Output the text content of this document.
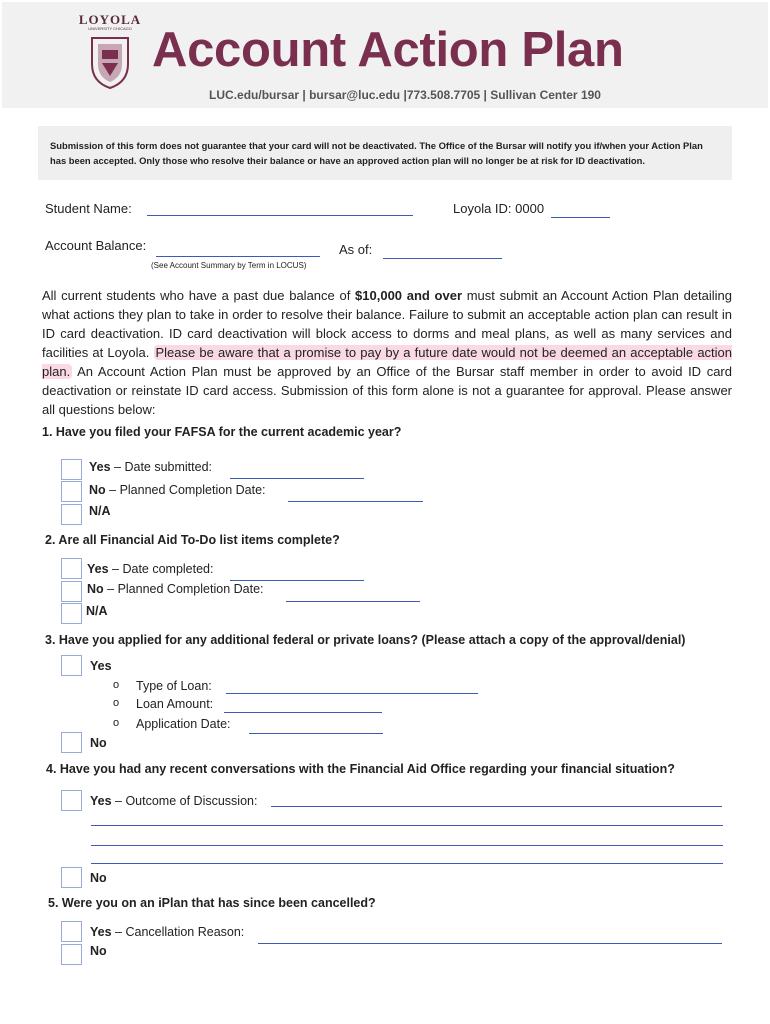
LOYOLA
UNIVERSITY CHICAGO Account Action Plan
LUC.edu/bursar | bursar@luc.edu |773.508.7705 | Sullivan Center 190
Submission of this form does not guarantee that your card will not be deactivated. The Office of the Bursar will notify you if/when your Action Plan has been accepted. Only those who resolve their balance or have an approved action plan will no longer be at risk for ID deactivation.
Student Name:	Loyola ID: 0000
Account Balance:
(See Account Summary by Term in LOCUS)
As of:
All current students who have a past due balance of $10,000 and over must submit an Account Action Plan detailing what actions they plan to take in order to resolve their balance. Failure to submit an acceptable action plan can result in ID card deactivation. ID card deactivation will block access to dorms and meal plans, as well as many services and facilities at Loyola. Please be aware that a promise to pay by a future date would not be deemed an acceptable action plan. An Account Action Plan must be approved by an Office of the Bursar staff member in order to avoid ID card deactivation or reinstate ID card access. Submission of this form alone is not a guarantee for approval. Please answer all questions below:
1. Have you filed your FAFSA for the current academic year?
Yes – Date submitted:
No – Planned Completion Date:
N/A
2. Are all Financial Aid To-Do list items complete?
Yes – Date completed:
No – Planned Completion Date:
N/A
3. Have you applied for any additional federal or private loans? (Please attach a copy of the approval/denial)
Yes
o Type of Loan:
o Loan Amount:
o Application Date:
No
4. Have you had any recent conversations with the Financial Aid Office regarding your financial situation?
Yes – Outcome of Discussion:
No
5. Were you on an iPlan that has since been cancelled?
Yes – Cancellation Reason:
No
